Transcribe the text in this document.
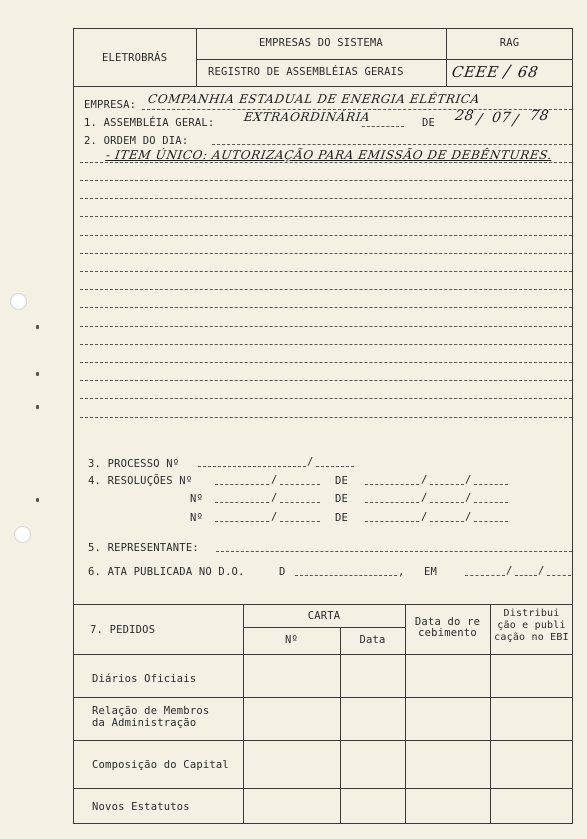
ELETROBRÁS
EMPRESAS DO SISTEMA
REGISTRO DE ASSEMBLÉIAS GERAIS
RAG
CEEE / 68
EMPRESA: COMPANHIA ESTADUAL DE ENERGIA ELÉTRICA
1. ASSEMBLÉIA GERAL: EXTRAORDINÁRIA	DE 28 / 07 / 78
2. ORDEM DO DIA:
- ITEM ÚNICO: AUTORIZAÇÃO PARA EMISSÃO DE DEBÊNTURES.
3. PROCESSO Nº	/
4. RESOLUÇÕES Nº	/	DE	/	/
Nº	/	DE	/	/
Nº	/	DE	/	/
5. REPRESENTANTE:
6. ATA PUBLICADA NO D.O.	D	, EM	/ /
7. PEDIDOS
CARTA
Nº	Data
Data do re
cebimento
Distribui
ção e publi
cação no EBI
Diários Oficiais
Relação de Membros
da Administração
Composição do Capital
Novos Estatutos
